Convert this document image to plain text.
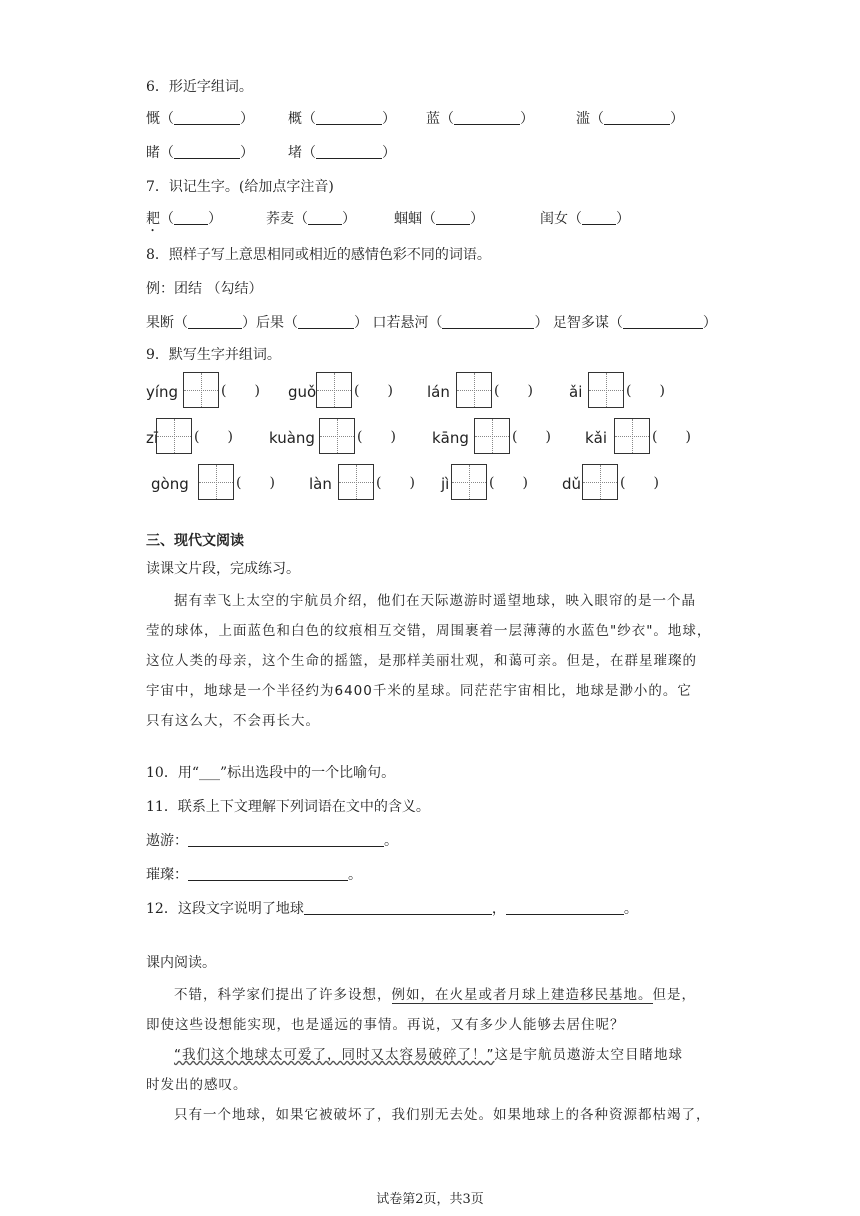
6．形近字组词。
慨（	） 概（	） 蓝（	）	滥（	）
睹（	） 堵（	）
7．识记生字。(给加点字注音)
耙（ ）	荞麦（ ）	蝈蝈（ ）	闺女（ ）
8．照样子写上意思相同或相近的感情色彩不同的词语。
例：团结 （勾结）
果断（	）后果（	） 口若悬河（	） 足智多谋（	）
9．默写生字并组词。
yíng	(  ) guǒ	(  ) lán	(  ) ǎi	(  )
zī	(  ) kuàng	(  ) kāng	(  ) kǎi	(  )
gòng	(  ) làn	(  ) jì	(  ) dǔ	(  )
三、现代文阅读
读课文片段，完成练习。
据有幸飞上太空的宇航员介绍，他们在天际遨游时遥望地球，映入眼帘的是一个晶
莹的球体，上面蓝色和白色的纹痕相互交错，周围裹着一层薄薄的水蓝色"纱衣"。地球，
这位人类的母亲，这个生命的摇篮，是那样美丽壮观，和蔼可亲。但是，在群星璀璨的
宇宙中，地球是一个半径约为6400千米的星球。同茫茫宇宙相比，地球是渺小的。它
只有这么大，不会再长大。
10．用“___”标出选段中的一个比喻句。
11．联系上下文理解下列词语在文中的含义。
遨游：	。
璀璨：	。
12．这段文字说明了地球	，	。
课内阅读。
不错，科学家们提出了许多设想，例如，在火星或者月球上建造移民基地。但是，
即使这些设想能实现，也是遥远的事情。再说，又有多少人能够去居住呢？
“我们这个地球太可爱了，同时又太容易破碎了！”这是宇航员遨游太空目睹地球
时发出的感叹。
只有一个地球，如果它被破坏了，我们别无去处。如果地球上的各种资源都枯竭了，
试卷第2页，共3页
